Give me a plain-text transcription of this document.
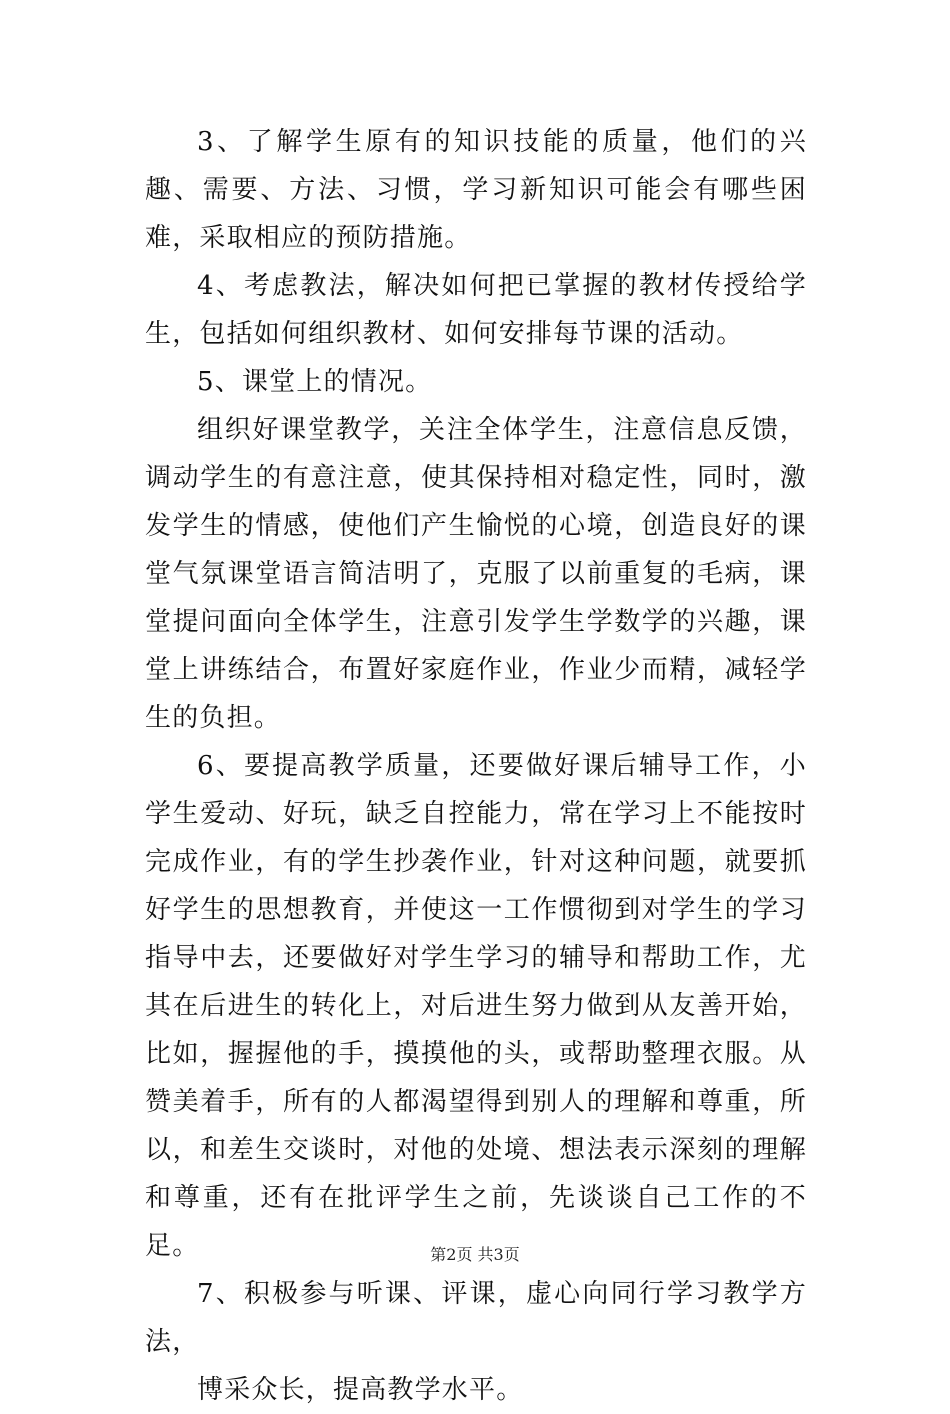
3、了解学生原有的知识技能的质量，他们的兴趣、需要、方法、习惯，学习新知识可能会有哪些困难，采取相应的预防措施。

4、考虑教法，解决如何把已掌握的教材传授给学生，包括如何组织教材、如何安排每节课的活动。

5、课堂上的情况。

组织好课堂教学，关注全体学生，注意信息反馈，调动学生的有意注意，使其保持相对稳定性，同时，激发学生的情感，使他们产生愉悦的心境，创造良好的课堂气氛课堂语言简洁明了，克服了以前重复的毛病，课堂提问面向全体学生，注意引发学生学数学的兴趣，课堂上讲练结合，布置好家庭作业，作业少而精，减轻学生的负担。

6、要提高教学质量，还要做好课后辅导工作，小学生爱动、好玩，缺乏自控能力，常在学习上不能按时完成作业，有的学生抄袭作业，针对这种问题，就要抓好学生的思想教育，并使这一工作惯彻到对学生的学习指导中去，还要做好对学生学习的辅导和帮助工作，尤其在后进生的转化上，对后进生努力做到从友善开始，比如，握握他的手，摸摸他的头，或帮助整理衣服。从赞美着手，所有的人都渴望得到别人的理解和尊重，所以，和差生交谈时，对他的处境、想法表示深刻的理解和尊重，还有在批评学生之前，先谈谈自己工作的不足。

7、积极参与听课、评课，虚心向同行学习教学方法，

博采众长，提高教学水平。

第2页 共3页
